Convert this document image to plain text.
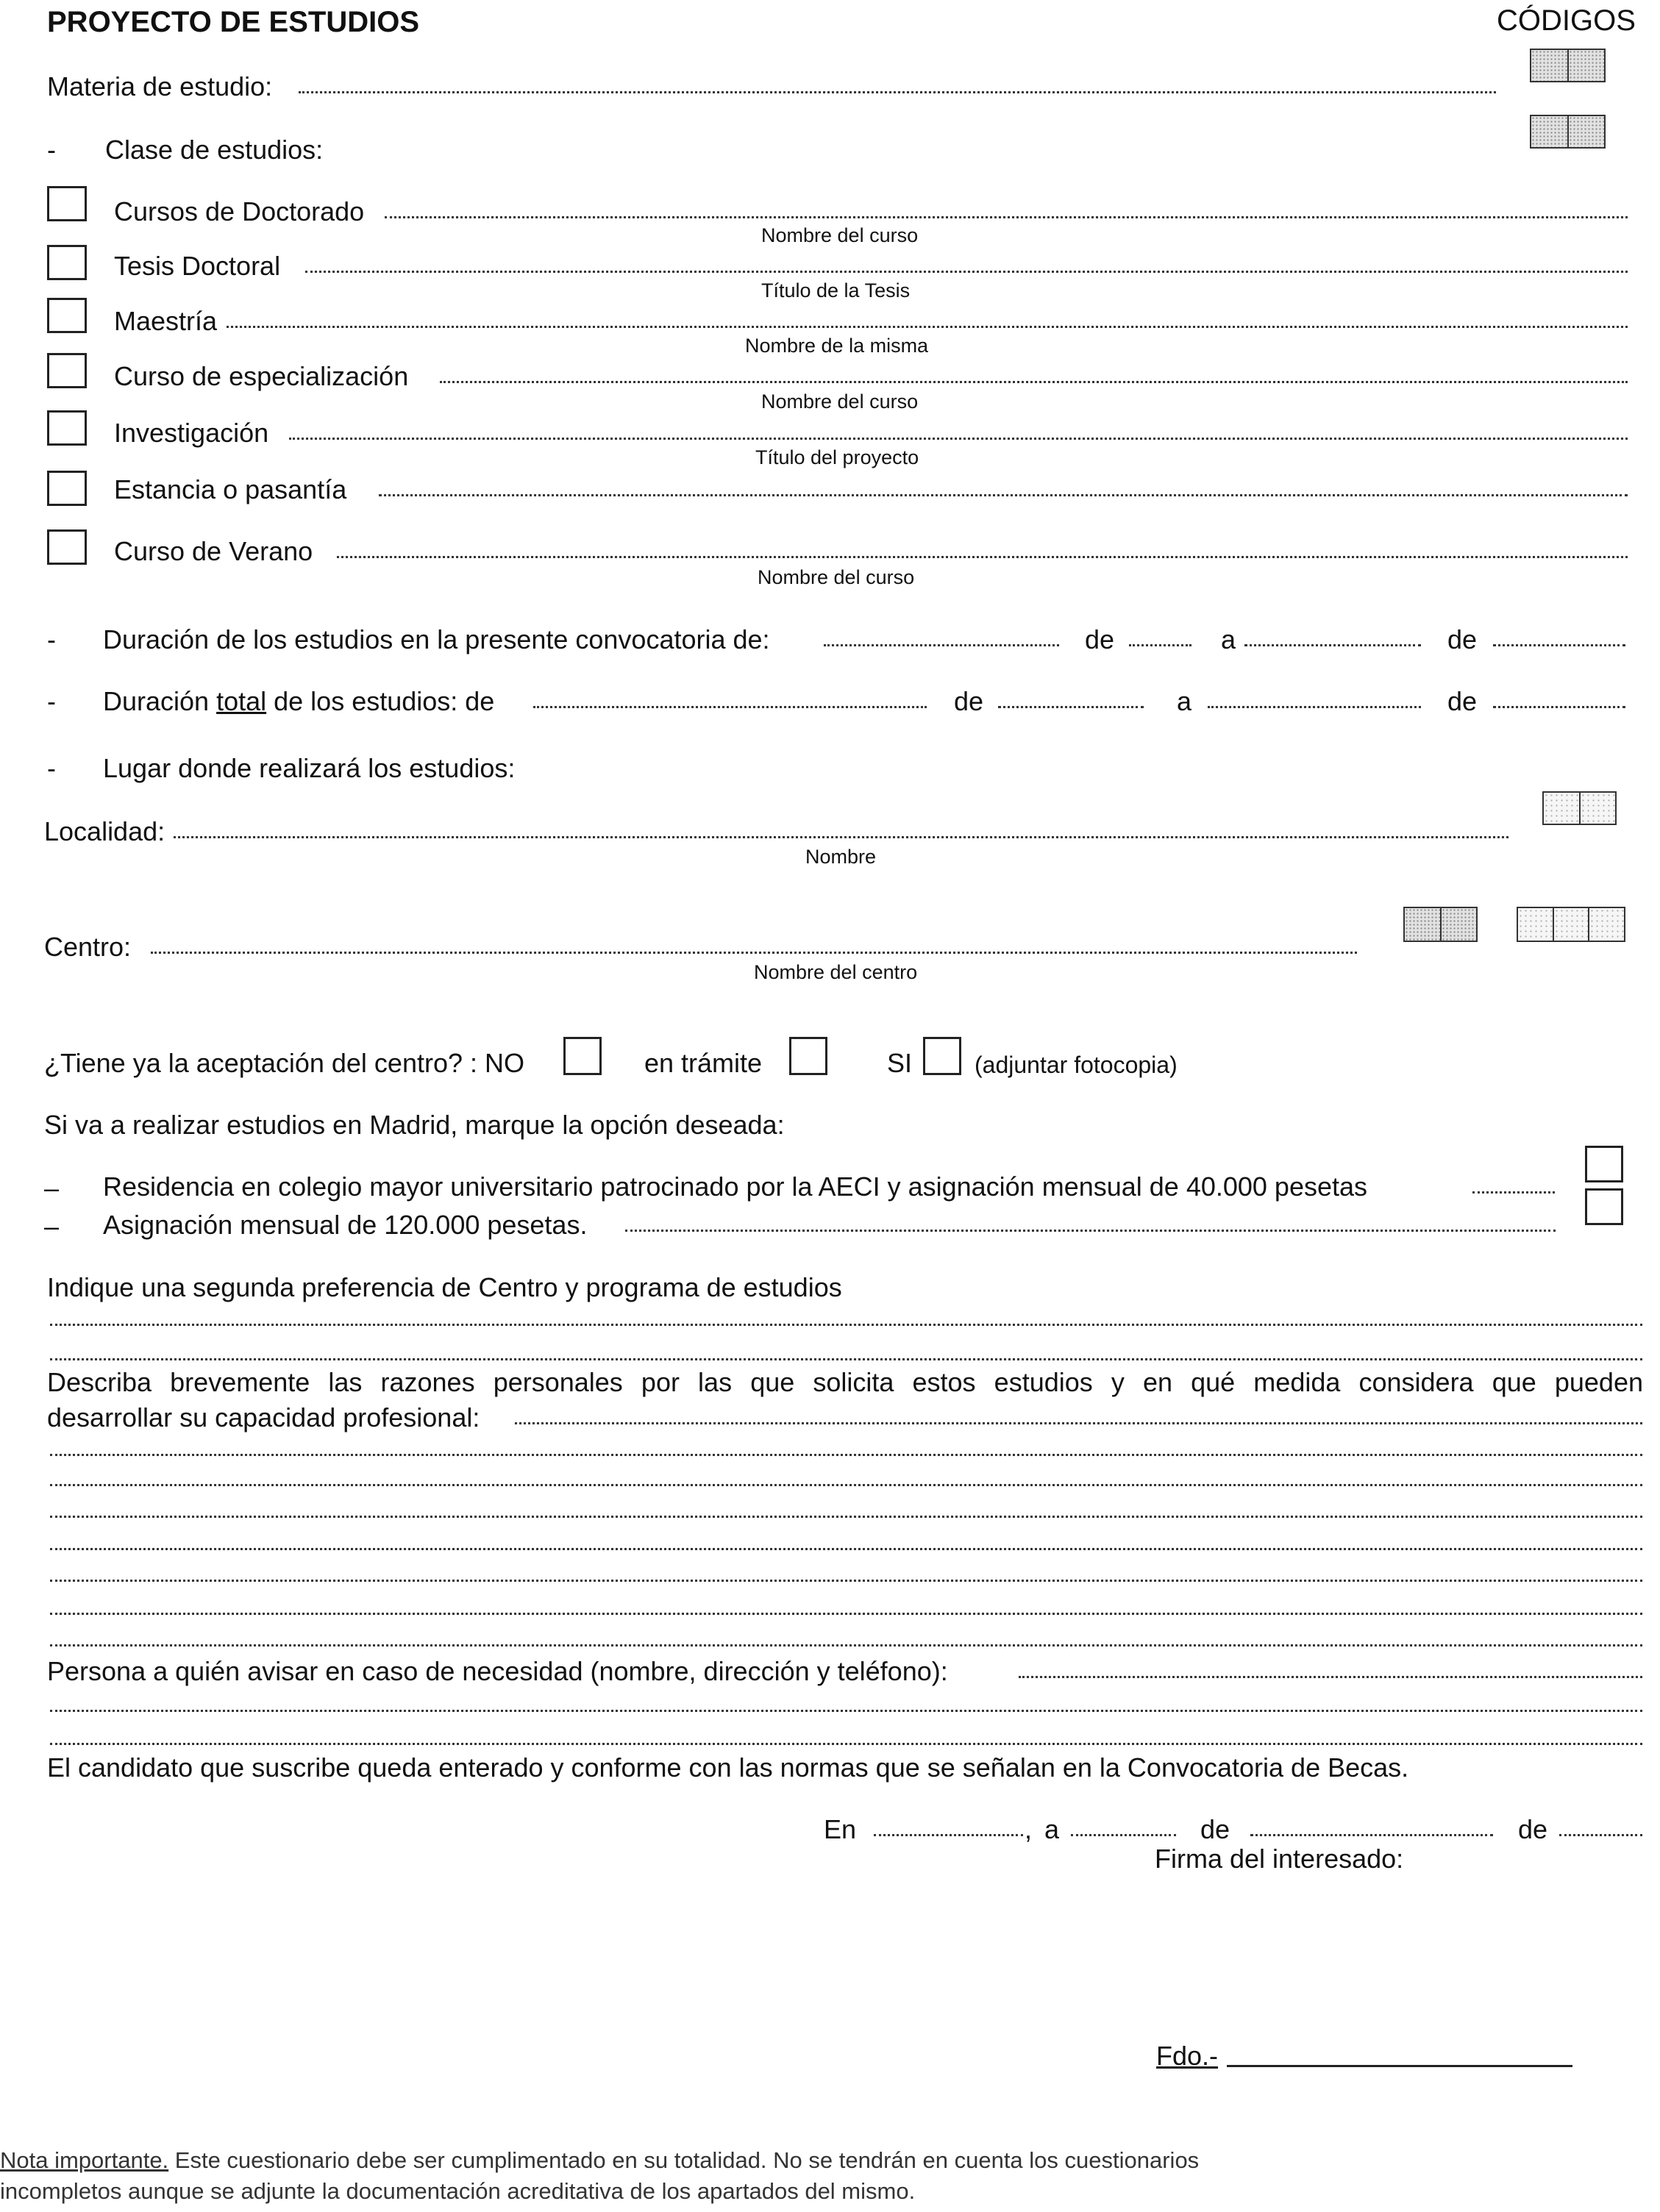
PROYECTO DE ESTUDIOS	CÓDIGOS
Materia de estudio:
- Clase de estudios:
Cursos de Doctorado
Nombre del curso
Tesis Doctoral
Título de la Tesis
Maestría
Nombre de la misma
Curso de especialización
Nombre del curso
Investigación
Título del proyecto
Estancia o pasantía
Curso de Verano
Nombre del curso
- Duración de los estudios en la presente convocatoria de:	de	a	de
- Duración total de los estudios: de	de	a	de
- Lugar donde realizará los estudios:
Localidad:
Nombre
Centro:
Nombre del centro
¿Tiene ya la aceptación del centro? : NO	en trámite	SI	(adjuntar fotocopia)
Si va a realizar estudios en Madrid, marque la opción deseada:
– Residencia en colegio mayor universitario patrocinado por la AECI y asignación mensual de 40.000 pesetas
– Asignación mensual de 120.000 pesetas.
Indique una segunda preferencia de Centro y programa de estudios
Describa brevemente las razones personales por las que solicita estos estudios y en qué medida considera que pueden
desarrollar su capacidad profesional:
Persona a quién avisar en caso de necesidad (nombre, dirección y teléfono):
El candidato que suscribe queda enterado y conforme con las normas que se señalan en la Convocatoria de Becas.
En	, a	de	de
Firma del interesado:
Fdo.-
Nota importante. Este cuestionario debe ser cumplimentado en su totalidad. No se tendrán en cuenta los cuestionarios
incompletos aunque se adjunte la documentación acreditativa de los apartados del mismo.
